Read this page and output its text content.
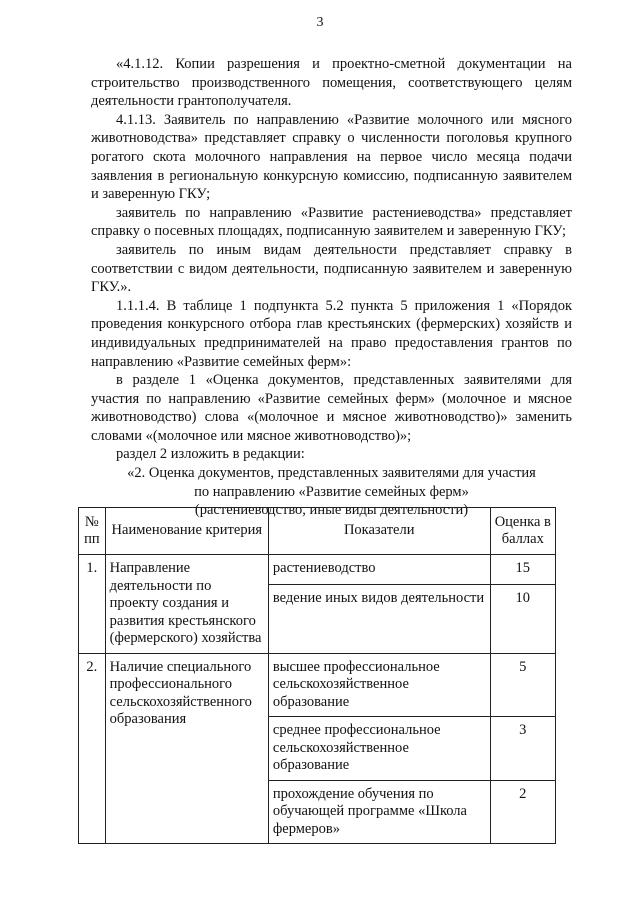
3

«4.1.12. Копии разрешения и проектно-сметной документации на строительство производственного помещения, соответствующего целям деятельности грантополучателя.

4.1.13. Заявитель по направлению «Развитие молочного или мясного животноводства» представляет справку о численности поголовья крупного рогатого скота молочного направления на первое число месяца подачи заявления в региональную конкурсную комиссию, подписанную заявителем и заверенную ГКУ;

заявитель по направлению «Развитие растениеводства» представляет справку о посевных площадях, подписанную заявителем и заверенную ГКУ;

заявитель по иным видам деятельности представляет справку в соответствии с видом деятельности, подписанную заявителем и заверенную ГКУ.».

1.1.1.4. В таблице 1 подпункта 5.2 пункта 5 приложения 1 «Порядок проведения конкурсного отбора глав крестьянских (фермерских) хозяйств и индивидуальных предпринимателей на право предоставления грантов по направлению «Развитие семейных ферм»:

в разделе 1 «Оценка документов, представленных заявителями для участия по направлению «Развитие семейных ферм» (молочное и мясное животноводство) слова «(молочное и мясное животноводство)» заменить словами «(молочное или мясное животноводство)»;

раздел 2 изложить в редакции:

«2. Оценка документов, представленных заявителями для участия

по направлению «Развитие семейных ферм»

(растениеводство, иные виды деятельности)

№ пп	Наименование критерия	Показатели	Оценка в баллах
1.	Направление деятельности по проекту создания и развития крестьянского (фермерского) хозяйства	растениеводство	15
		ведение иных видов деятельности	10
2.	Наличие специального профессионального сельскохозяйственного образования	высшее профессиональное сельскохозяйственное образование	5
		среднее профессиональное сельскохозяйственное образование	3
		прохождение обучения по обучающей программе «Школа фермеров»	2
